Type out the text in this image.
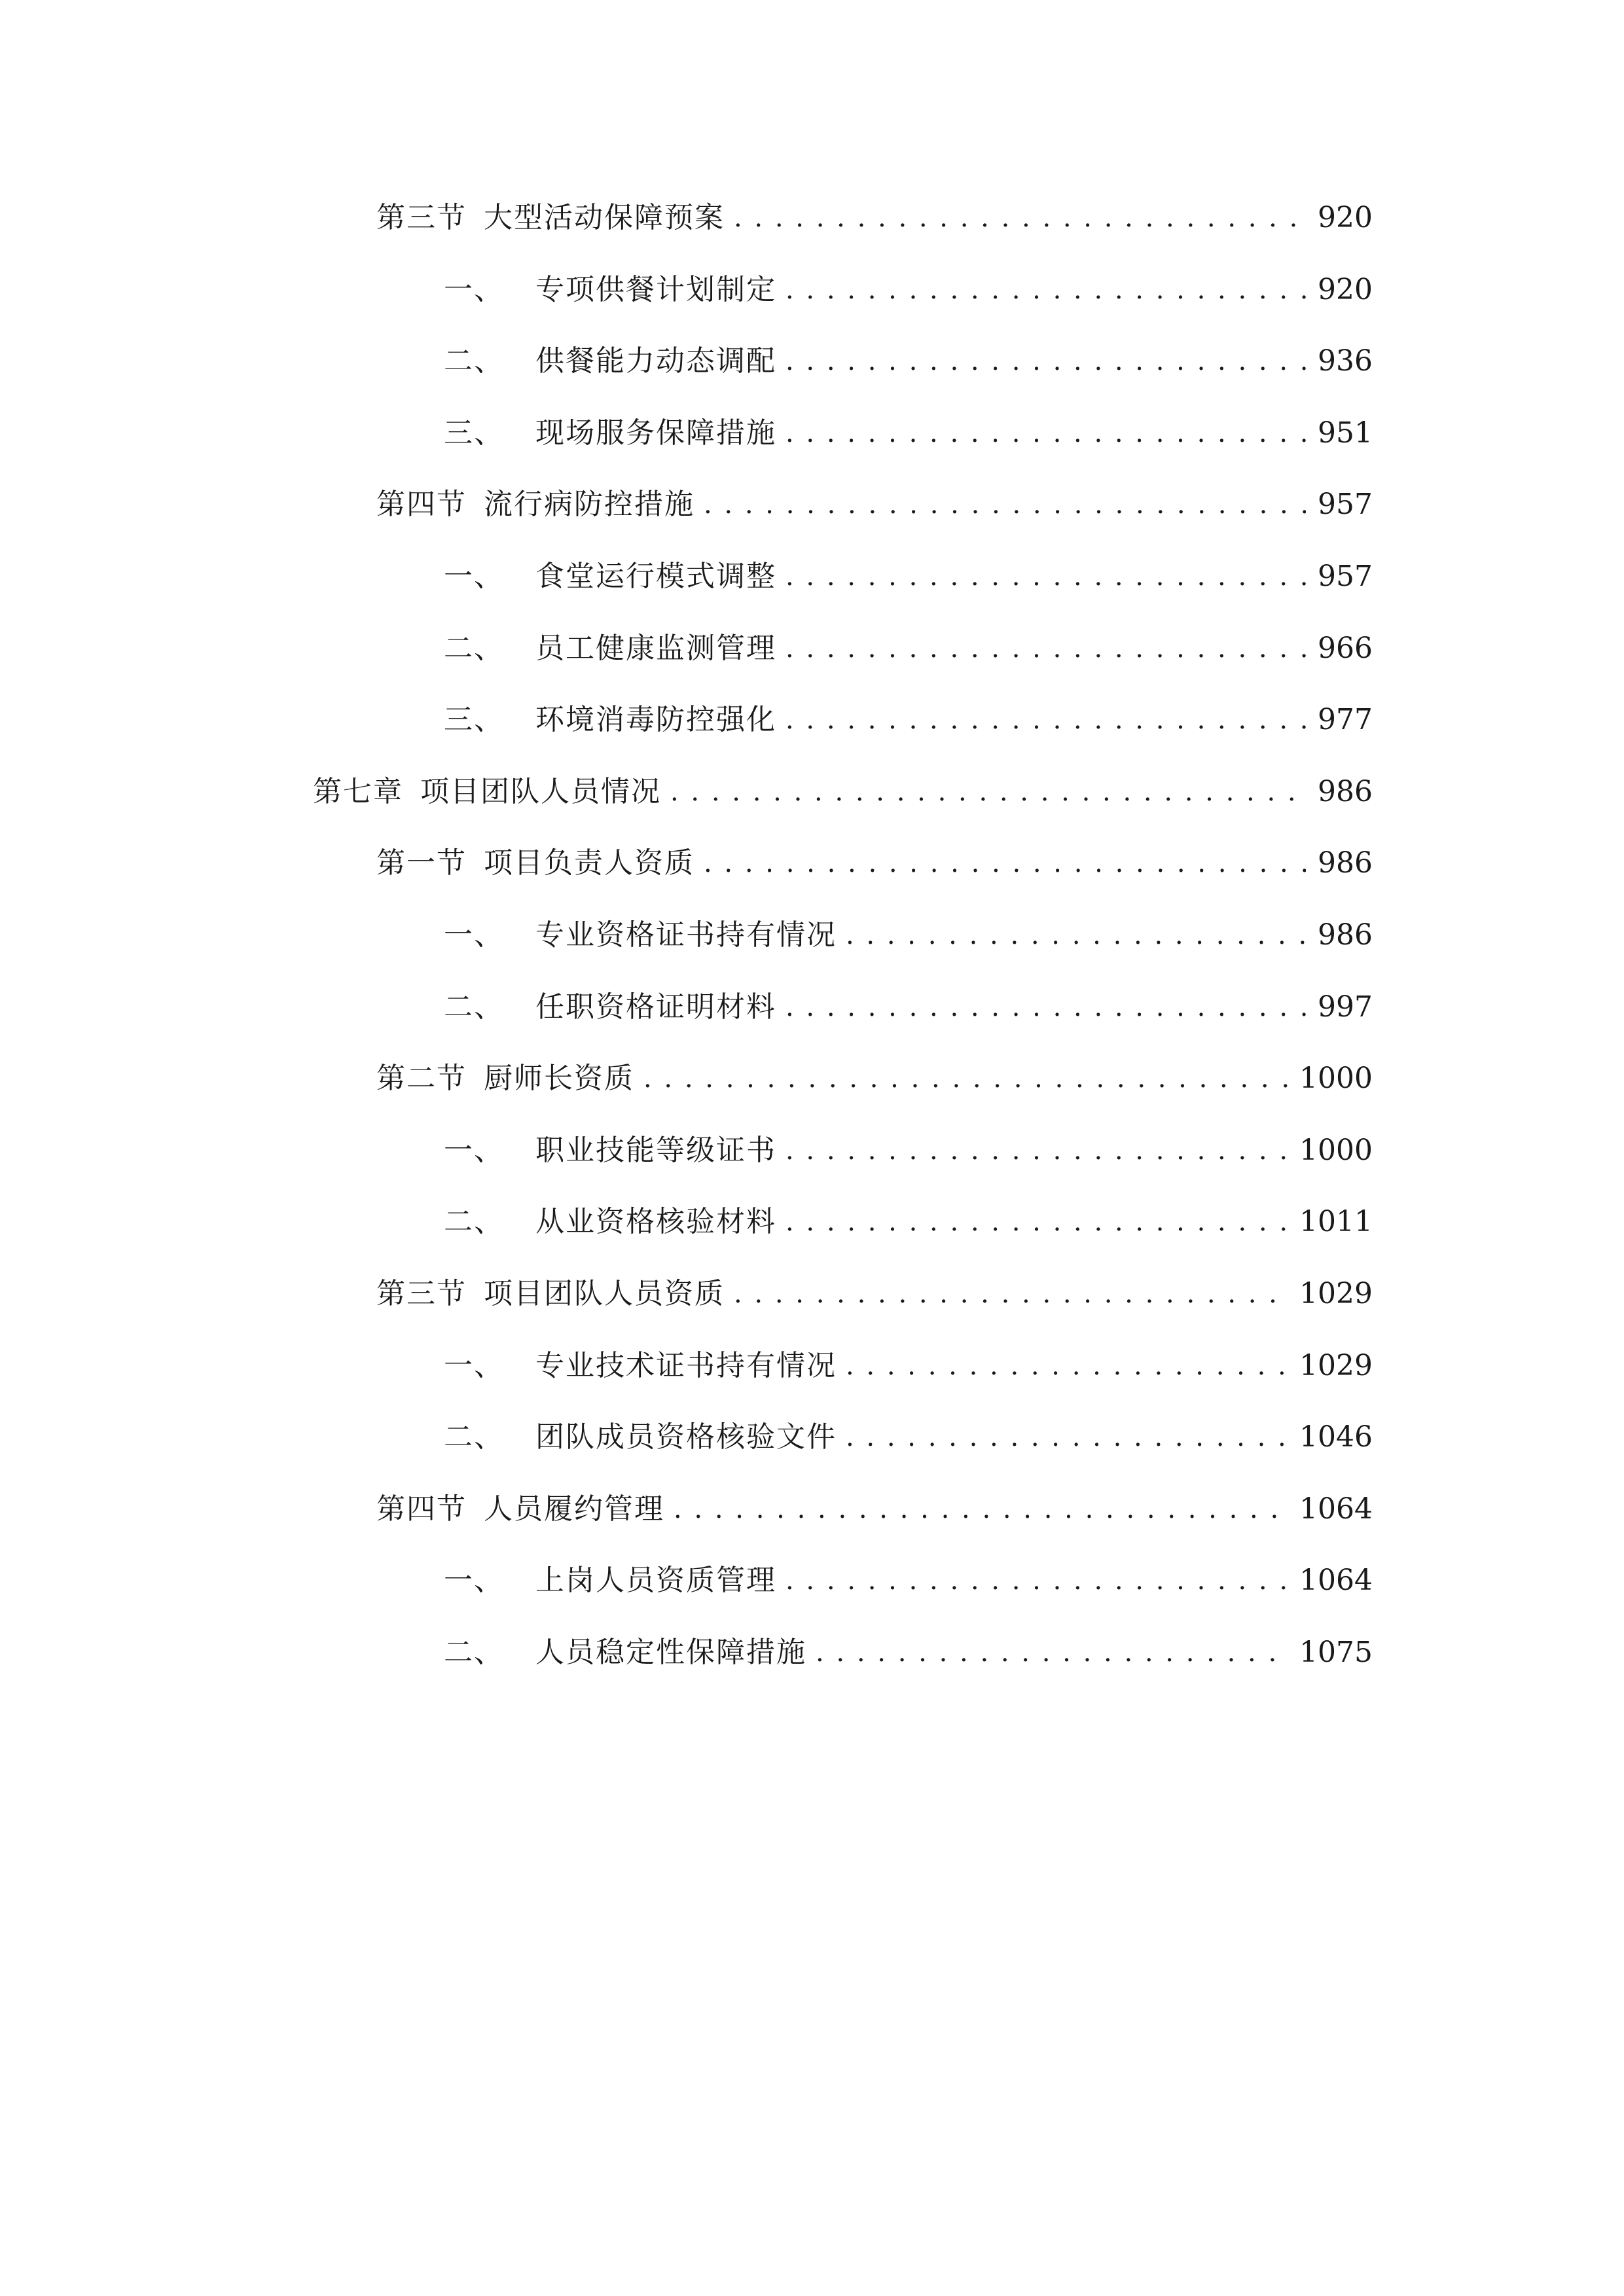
第三节 大型活动保障预案 . . .	920
一、 专项供餐计划制定 . . .	920
二、 供餐能力动态调配 . . .	936
三、 现场服务保障措施 . . .	951
第四节 流行病防控措施 . . .	957
一、 食堂运行模式调整 . . .	957
二、 员工健康监测管理 . . .	966
三、 环境消毒防控强化 . . .	977
第七章 项目团队人员情况 . . .	986
第一节 项目负责人资质 . . .	986
一、 专业资格证书持有情况 . . .	986
二、 任职资格证明材料 . . .	997
第二节 厨师长资质 . . .	1000
一、 职业技能等级证书 . . .	1000
二、 从业资格核验材料 . . .	1011
第三节 项目团队人员资质 . . .	1029
一、 专业技术证书持有情况 . . .	1029
二、 团队成员资格核验文件 . . .	1046
第四节 人员履约管理 . . .	1064
一、 上岗人员资质管理 . . .	1064
二、 人员稳定性保障措施 . . .	1075
